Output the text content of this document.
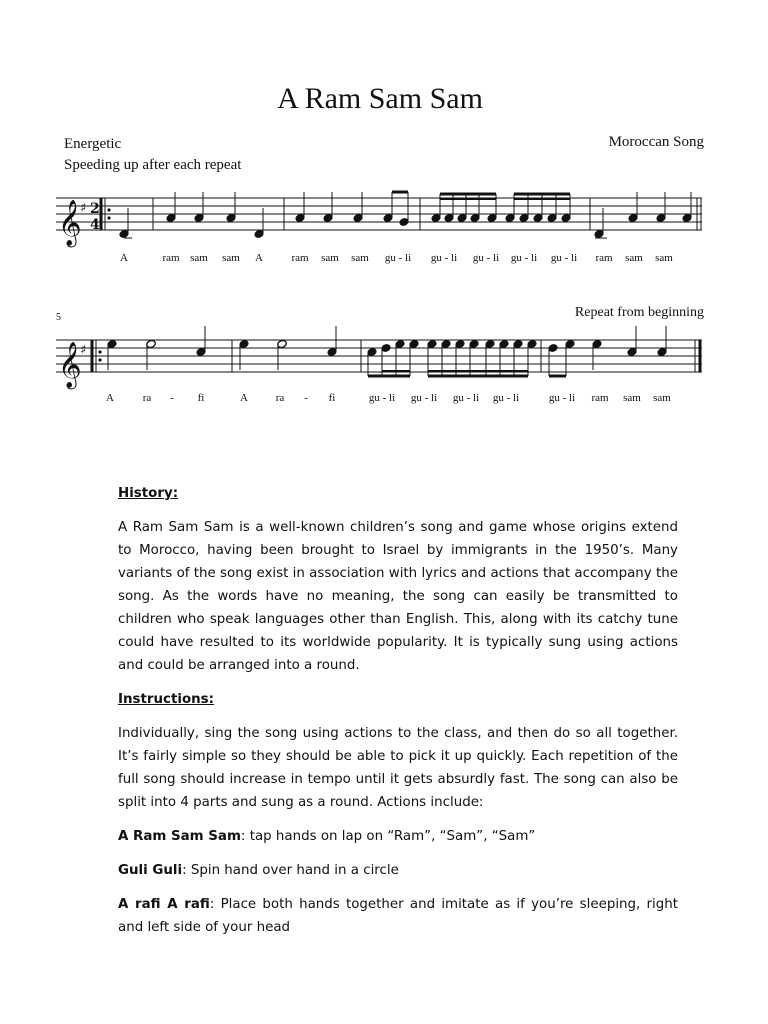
A Ram Sam Sam
Energetic
Speeding up after each repeat
Moroccan Song
𝄞
♯ 2
4
A	ram sam sam A	ram sam sam gu - li gu - li gu - li gu - li gu - li ram sam sam
5	Repeat from beginning
𝄞
♯
A	ra - fi	A	ra - fi	gu - li gu - li gu - li gu - li	gu - li ram sam sam

History:

A Ram Sam Sam is a well-known children’s song and game whose origins extend to Morocco, having been brought to Israel by immigrants in the 1950’s. Many variants of the song exist in association with lyrics and actions that accompany the song. As the words have no meaning, the song can easily be transmitted to children who speak languages other than English. This, along with its catchy tune could have resulted to its worldwide popularity. It is typically sung using actions and could be arranged into a round.

Instructions:

Individually, sing the song using actions to the class, and then do so all together. It’s fairly simple so they should be able to pick it up quickly. Each repetition of the full song should increase in tempo until it gets absurdly fast. The song can also be split into 4 parts and sung as a round. Actions include:

A Ram Sam Sam: tap hands on lap on “Ram”, “Sam”, “Sam”

Guli Guli: Spin hand over hand in a circle

A rafi A rafi: Place both hands together and imitate as if you’re sleeping, right and left side of your head
